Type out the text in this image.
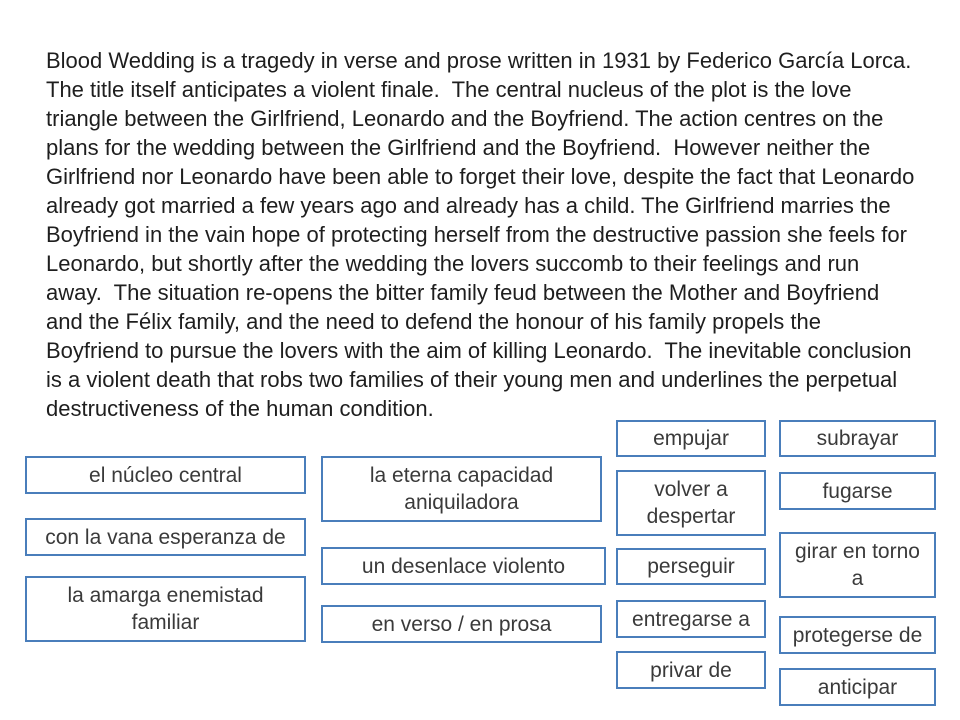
Blood Wedding is a tragedy in verse and prose written in 1931 by Federico García Lorca.
The title itself anticipates a violent finale.  The central nucleus of the plot is the love
triangle between the Girlfriend, Leonardo and the Boyfriend. The action centres on the
plans for the wedding between the Girlfriend and the Boyfriend.  However neither the
Girlfriend nor Leonardo have been able to forget their love, despite the fact that Leonardo
already got married a few years ago and already has a child. The Girlfriend marries the
Boyfriend in the vain hope of protecting herself from the destructive passion she feels for
Leonardo, but shortly after the wedding the lovers succomb to their feelings and run
away.  The situation re-opens the bitter family feud between the Mother and Boyfriend
and the Félix family, and the need to defend the honour of his family propels the
Boyfriend to pursue the lovers with the aim of killing Leonardo.  The inevitable conclusion
is a violent death that robs two families of their young men and underlines the perpetual
destructiveness of the human condition.
el núcleo central
con la vana esperanza de
la amarga enemistad
familiar
la eterna capacidad
aniquiladora
un desenlace violento
en verso / en prosa
empujar
volver a
despertar
perseguir
entregarse a
privar de
subrayar
fugarse
girar en torno
a
protegerse de
anticipar
